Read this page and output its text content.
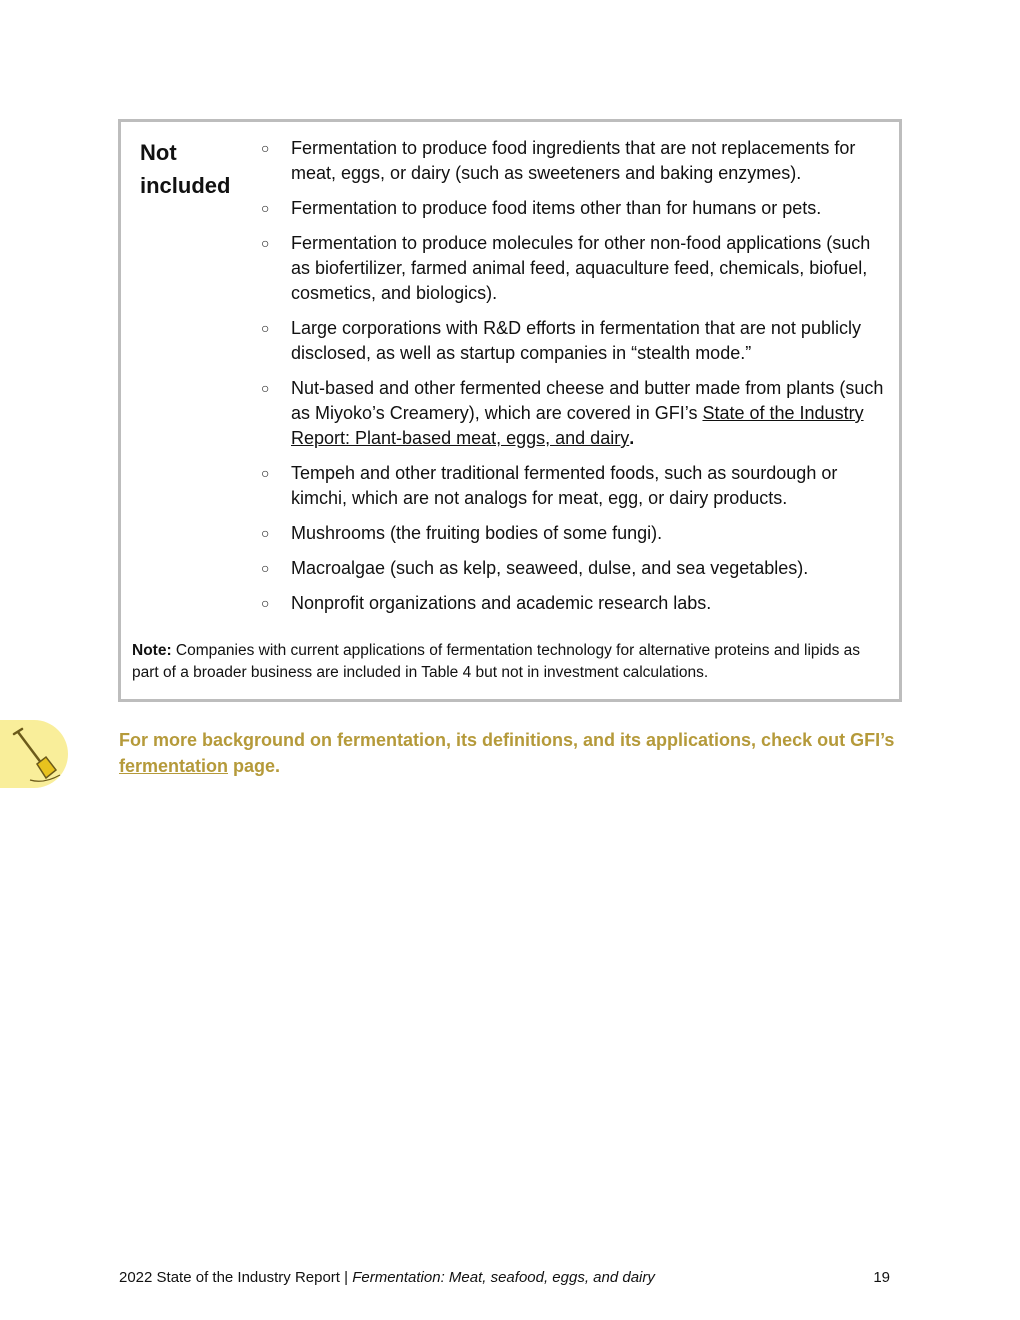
Not included
○ Fermentation to produce food ingredients that are not replacements for meat, eggs, or dairy (such as sweeteners and baking enzymes).
○ Fermentation to produce food items other than for humans or pets.
○ Fermentation to produce molecules for other non-food applications (such as biofertilizer, farmed animal feed, aquaculture feed, chemicals, biofuel, cosmetics, and biologics).
○ Large corporations with R&D efforts in fermentation that are not publicly disclosed, as well as startup companies in “stealth mode.”
○ Nut-based and other fermented cheese and butter made from plants (such as Miyoko’s Creamery), which are covered in GFI’s State of the Industry Report: Plant-based meat, eggs, and dairy.
○ Tempeh and other traditional fermented foods, such as sourdough or kimchi, which are not analogs for meat, egg, or dairy products.
○ Mushrooms (the fruiting bodies of some fungi).
○ Macroalgae (such as kelp, seaweed, dulse, and sea vegetables).
○ Nonprofit organizations and academic research labs.
Note: Companies with current applications of fermentation technology for alternative proteins and lipids as part of a broader business are included in Table 4 but not in investment calculations.
For more background on fermentation, its definitions, and its applications, check out GFI’s fermentation page.
2022 State of the Industry Report | Fermentation: Meat, seafood, eggs, and dairy	19
